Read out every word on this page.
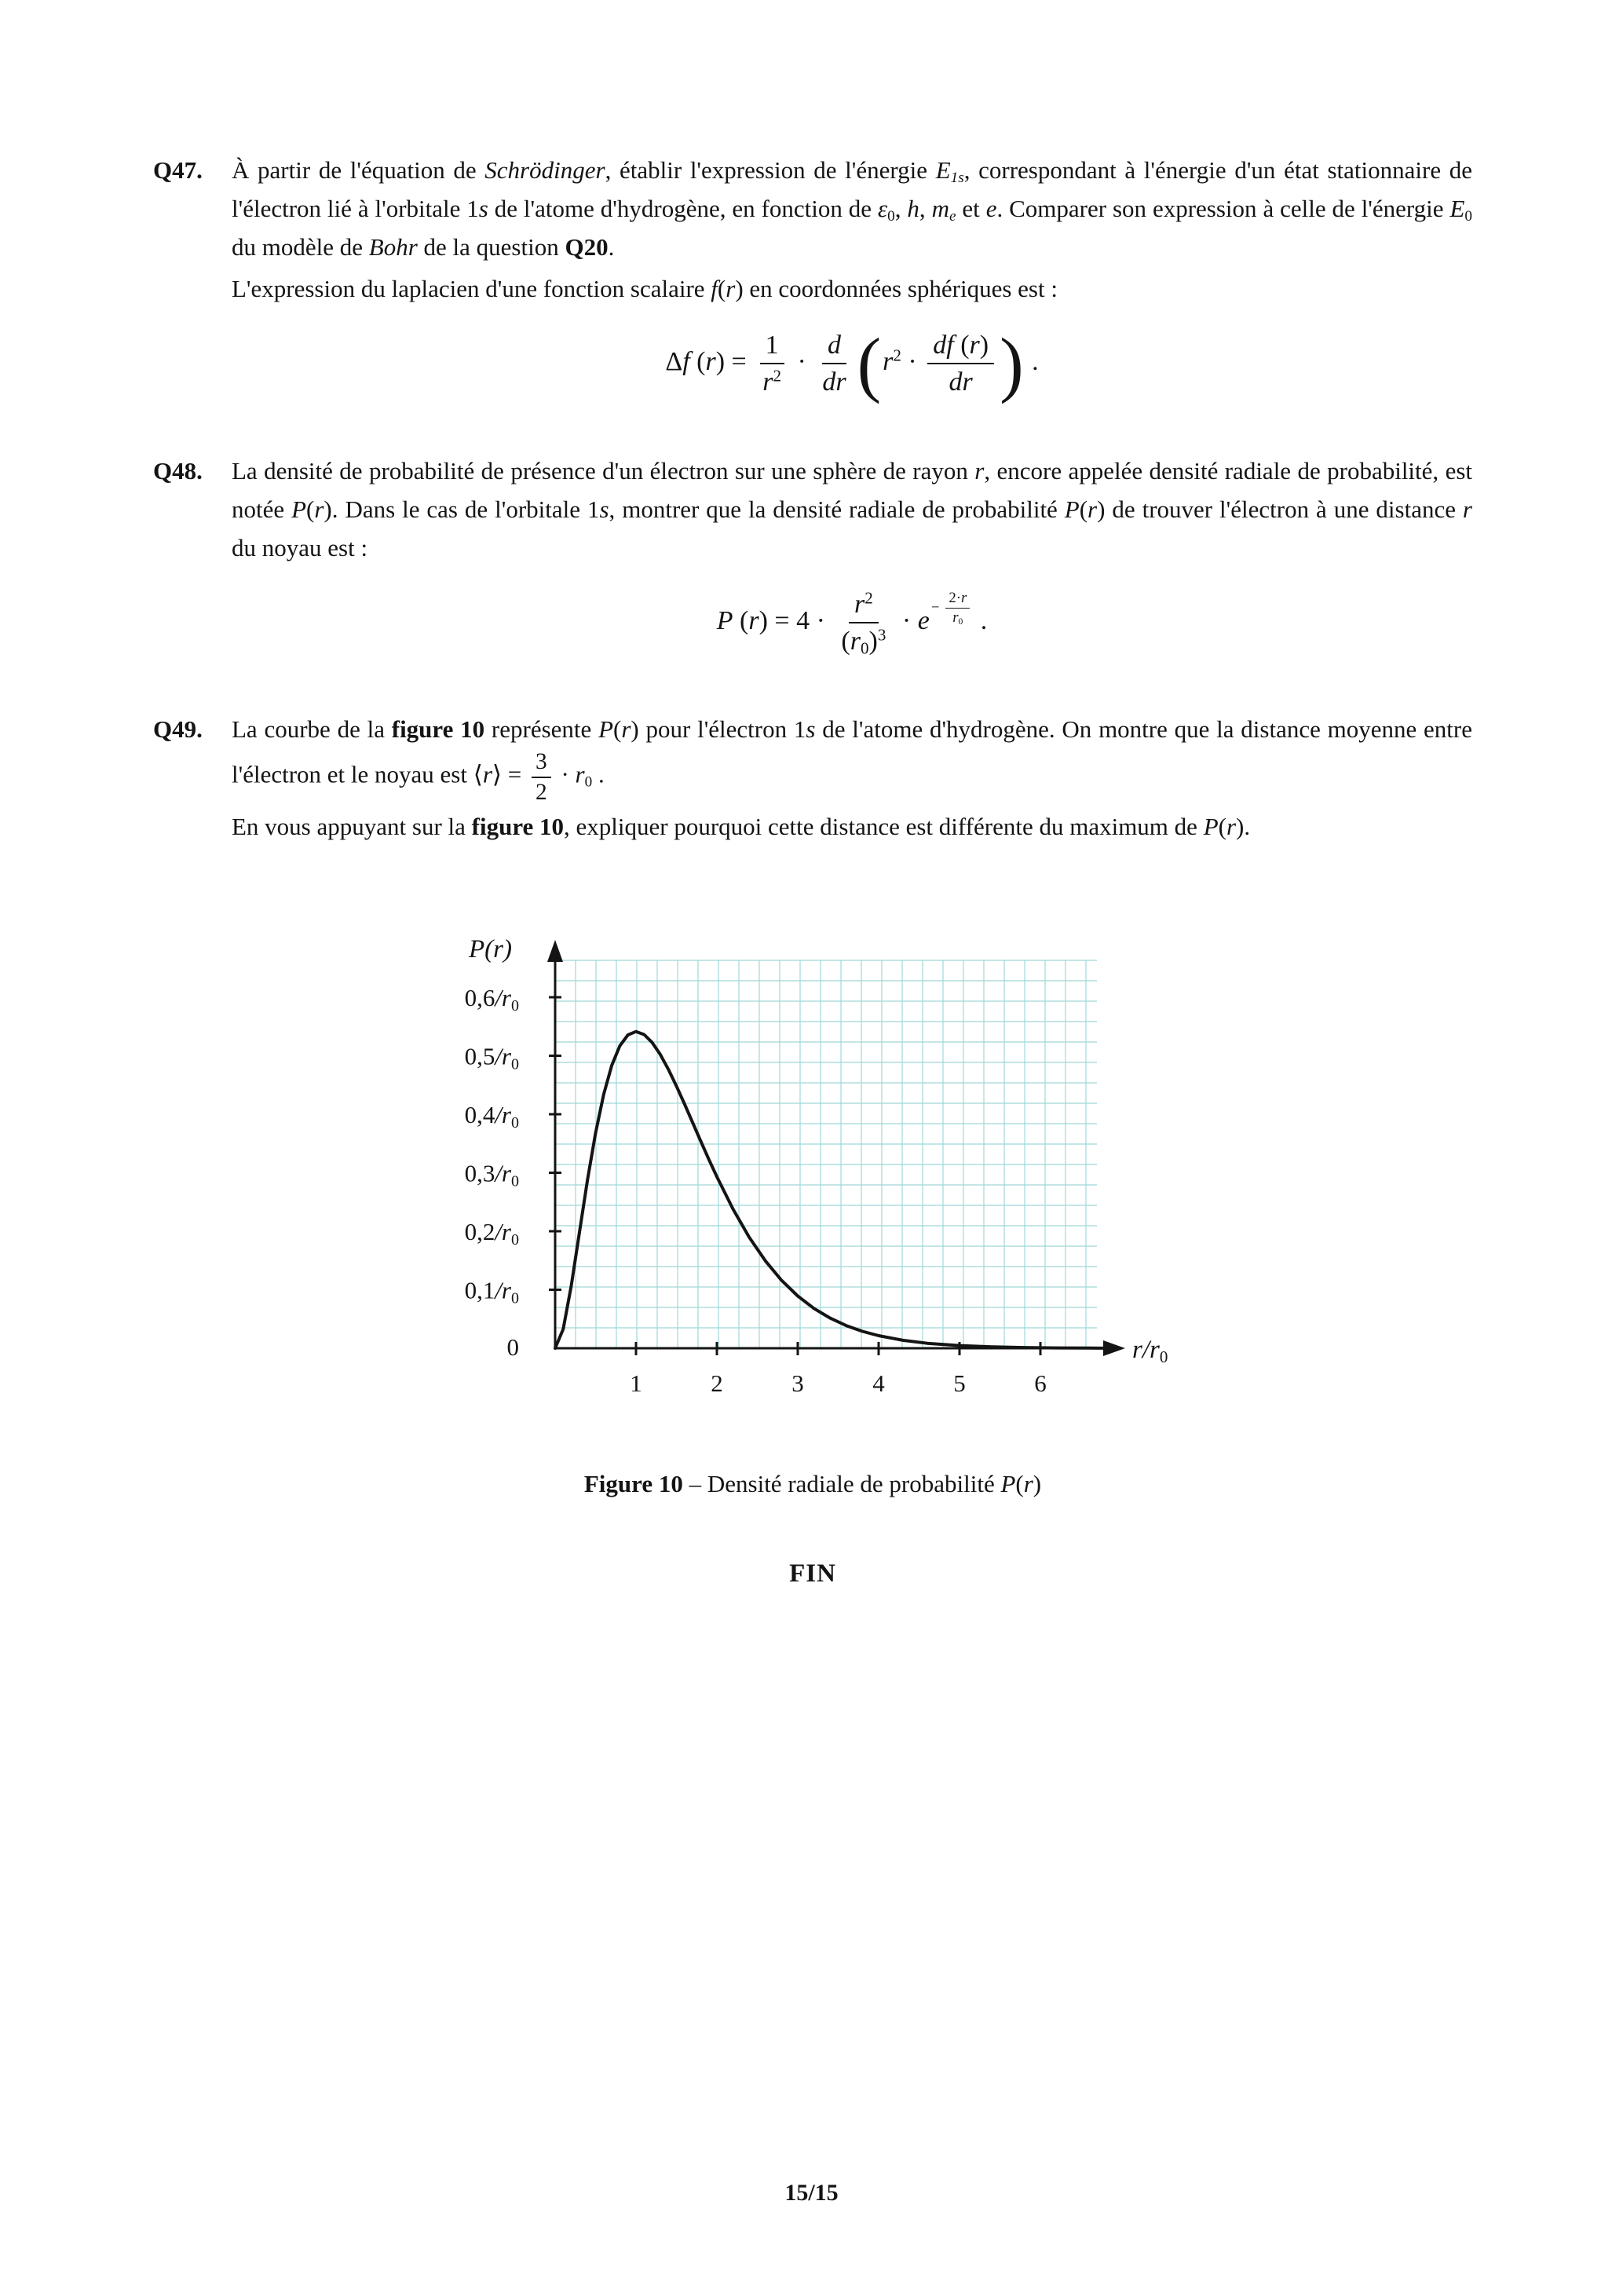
Q47.	À partir de l'équation de Schrödinger, établir l'expression de l'énergie E1s, correspondant à l'énergie d'un état stationnaire de l'électron lié à l'orbitale 1s de l'atome d'hydrogène, en fonction de ε0, h, me et e. Comparer son expression à celle de l'énergie E0 du modèle de Bohr de la question Q20.

L'expression du laplacien d'une fonction scalaire f(r) en coordonnées sphériques est :

Δf $(r) = \frac{1}{r^2} \cdot \frac{d}{dr} (r^2 \cdot \frac{df (r)}{dr}$ ) .
Q48.	La densité de probabilité de présence d'un électron sur une sphère de rayon r, encore appelée densité radiale de probabilité, est notée P(r). Dans le cas de l'orbitale 1s, montrer que la densité radiale de probabilité P(r) de trouver l'électron à une distance r du noyau est :

P $(r) = 4 \cdot \frac{r^2}{(r0)^3} \cdot e - \frac{2\cdot r}{r0}$ .
Q49.	La courbe de la figure 10 représente P(r) pour l'électron 1s de l'atome d'hydrogène. On montre que la distance moyenne entre l'électron et le noyau est ⟨r⟩ = $\frac{3}{2} \cdot r0$ .

En vous appuyant sur la figure 10, expliquer pourquoi cette distance est différente du maximum de P(r).

1	2	3	4	5	6
0,1/r0
0,2/r0
0,3/r0
0,4/r0
0,5/r0
0,6/r0
0
P(r)
r/r0
Figure 10 – Densité radiale de probabilité P(r)
FIN
15/15
